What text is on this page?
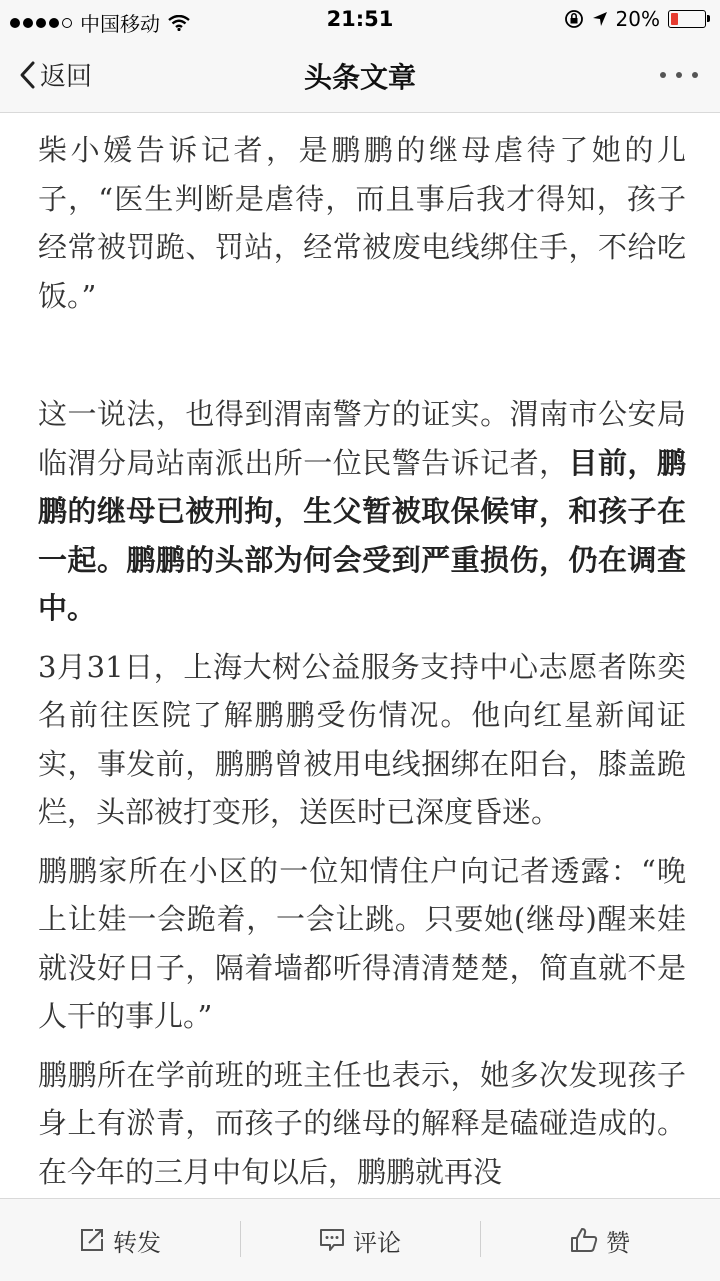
中国移动	21:51	20%
返回	头条文章

柴小媛告诉记者，是鹏鹏的继母虐待了她的儿子，“医生判断是虐待，而且事后我才得知，孩子经常被罚跪、罚站，经常被废电线绑住手，不给吃饭。”

这一说法，也得到渭南警方的证实。渭南市公安局临渭分局站南派出所一位民警告诉记者，目前，鹏鹏的继母已被刑拘，生父暂被取保候审，和孩子在一起。鹏鹏的头部为何会受到严重损伤，仍在调查中。

3月31日，上海大树公益服务支持中心志愿者陈奕名前往医院了解鹏鹏受伤情况。他向红星新闻证实，事发前，鹏鹏曾被用电线捆绑在阳台，膝盖跪烂，头部被打变形，送医时已深度昏迷。

鹏鹏家所在小区的一位知情住户向记者透露：“晚上让娃一会跪着，一会让跳。只要她(继母)醒来娃就没好日子，隔着墙都听得清清楚楚，简直就不是人干的事儿。”

鹏鹏所在学前班的班主任也表示，她多次发现孩子身上有淤青，而孩子的继母的解释是磕碰造成的。在今年的三月中旬以后，鹏鹏就再没

转发	评论	赞
